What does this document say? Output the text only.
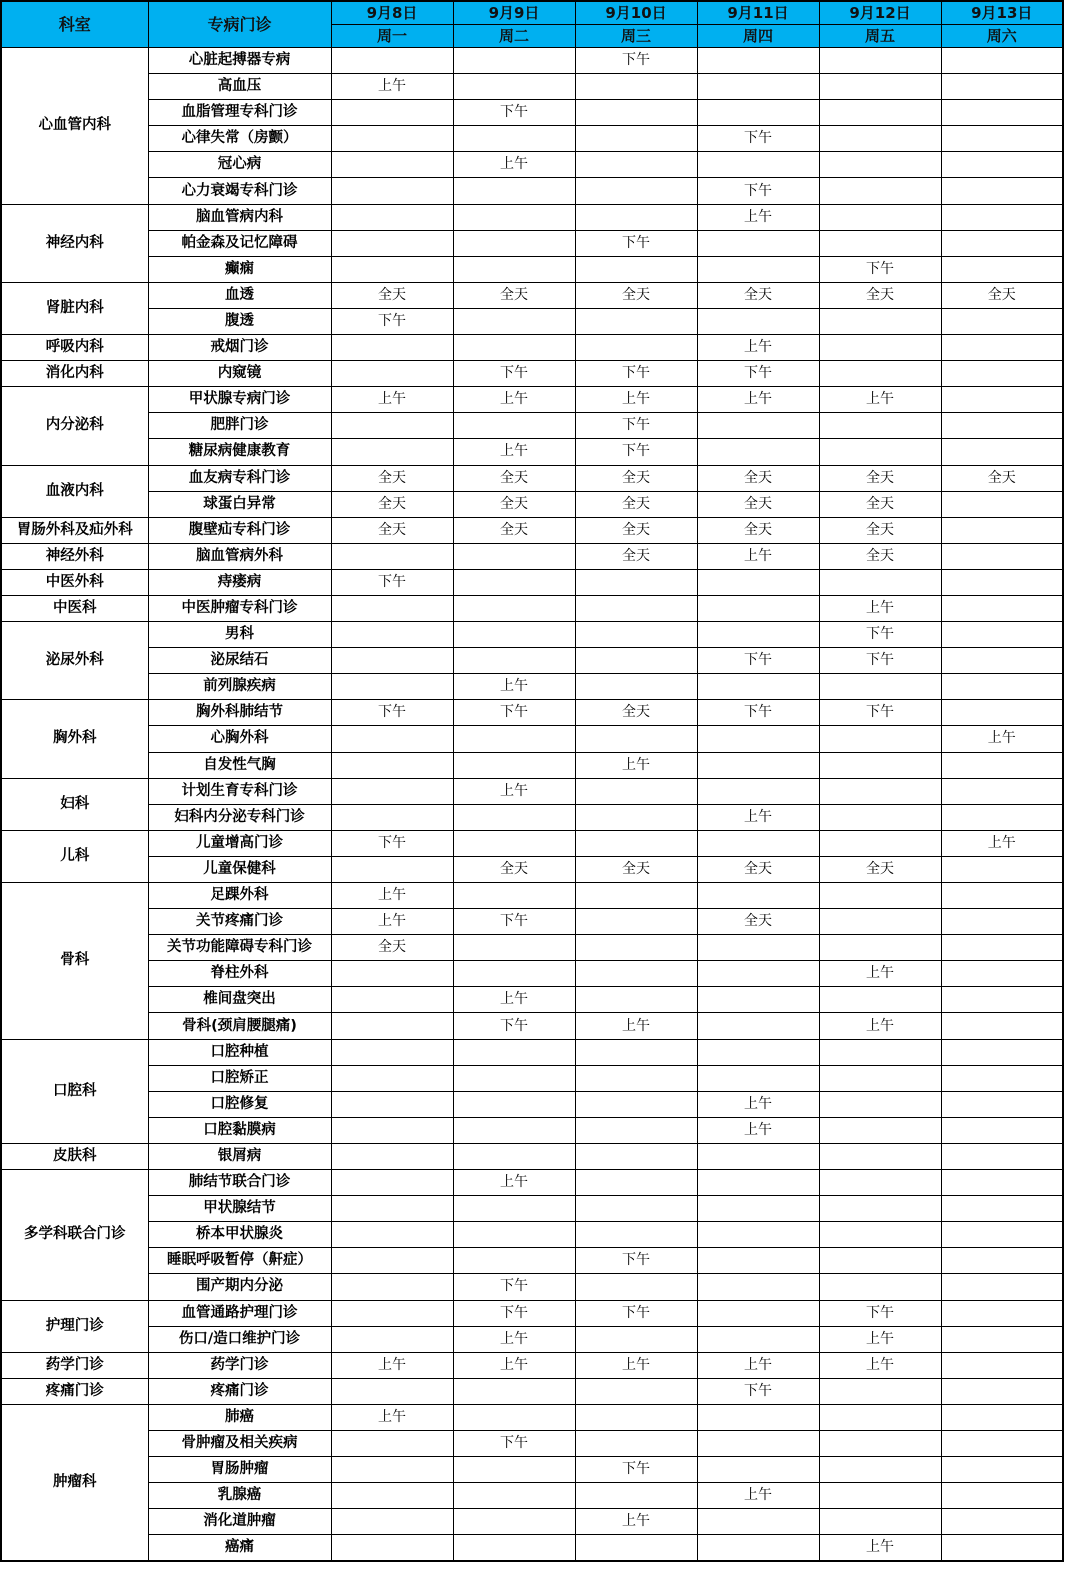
科室	专病门诊	9月8日	9月9日	9月10日	9月11日	9月12日	9月13日
		周一	周二	周三	周四	周五	周六
心血管内科	心脏起搏器专病			下午			
	高血压	上午					
	血脂管理专科门诊		下午				
	心律失常（房颤）				下午		
	冠心病		上午				
	心力衰竭专科门诊				下午		
神经内科	脑血管病内科				上午		
	帕金森及记忆障碍			下午			
	癫痫					下午	
肾脏内科	血透	全天	全天	全天	全天	全天	全天
	腹透	下午					
呼吸内科	戒烟门诊				上午		
消化内科	内窥镜		下午	下午	下午		
内分泌科	甲状腺专病门诊	上午	上午	上午	上午	上午	
	肥胖门诊			下午			
	糖尿病健康教育		上午	下午			
血液内科	血友病专科门诊	全天	全天	全天	全天	全天	全天
	球蛋白异常	全天	全天	全天	全天	全天	
胃肠外科及疝外科	腹壁疝专科门诊	全天	全天	全天	全天	全天	
神经外科	脑血管病外科			全天	上午	全天	
中医外科	痔瘘病	下午					
中医科	中医肿瘤专科门诊					上午	
泌尿外科	男科					下午	
	泌尿结石				下午	下午	
	前列腺疾病		上午				
胸外科	胸外科肺结节	下午	下午	全天	下午	下午	
	心胸外科						上午
	自发性气胸			上午			
妇科	计划生育专科门诊		上午				
	妇科内分泌专科门诊				上午		
儿科	儿童增高门诊	下午					上午
	儿童保健科		全天	全天	全天	全天	
骨科	足踝外科	上午					
	关节疼痛门诊	上午	下午		全天		
	关节功能障碍专科门诊	全天					
	脊柱外科					上午	
	椎间盘突出		上午				
	骨科(颈肩腰腿痛)		下午	上午		上午	
口腔科	口腔种植						
	口腔矫正						
	口腔修复				上午		
	口腔黏膜病				上午		
皮肤科	银屑病						
多学科联合门诊	肺结节联合门诊		上午				
	甲状腺结节						
	桥本甲状腺炎						
	睡眠呼吸暂停（鼾症）			下午			
	围产期内分泌		下午				
护理门诊	血管通路护理门诊		下午	下午		下午	
	伤口/造口维护门诊		上午			上午	
药学门诊	药学门诊	上午	上午	上午	上午	上午	
疼痛门诊	疼痛门诊				下午		
肿瘤科	肺癌	上午					
	骨肿瘤及相关疾病		下午				
	胃肠肿瘤			下午			
	乳腺癌				上午		
	消化道肿瘤			上午			
	癌痛					上午	
